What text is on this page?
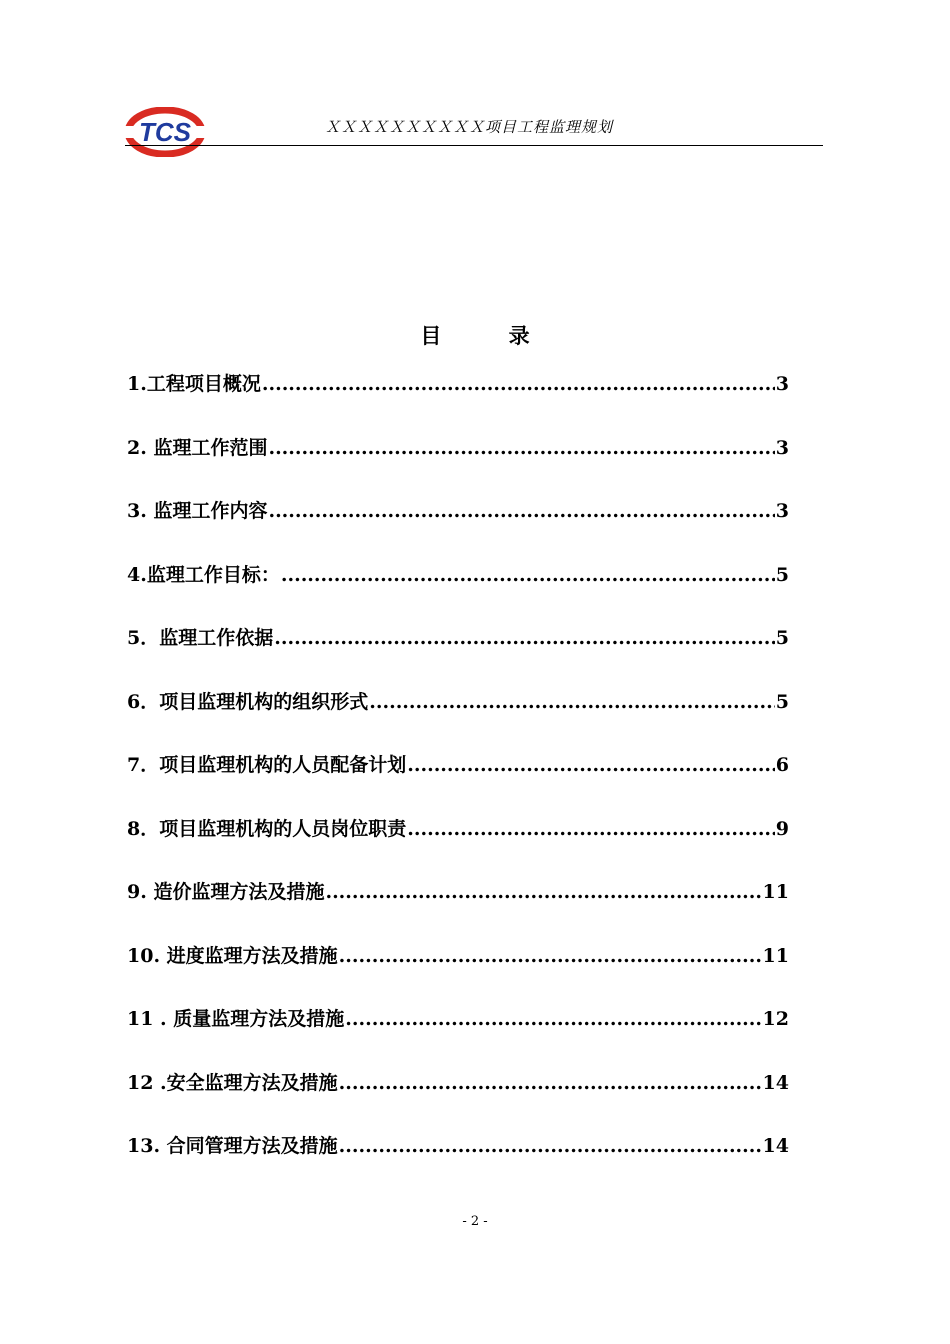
TCS	ＸＸＸＸＸＸＸＸＸＸ项目工程监理规划
目 录
1.工程项目概况 .....	3
2. 监理工作范围 .....	3
3. 监理工作内容 .....	3
4.监理工作目标： .....	5
5．监理工作依据 .....	5
6．项目监理机构的组织形式 .....	5
7．项目监理机构的人员配备计划 .....	6
8．项目监理机构的人员岗位职责 .....	9
9. 造价监理方法及措施 .....	11
10. 进度监理方法及措施 .....	11
11 . 质量监理方法及措施 .....	12
12 .安全监理方法及措施 .....	14
13. 合同管理方法及措施 .....	14
- 2 -
